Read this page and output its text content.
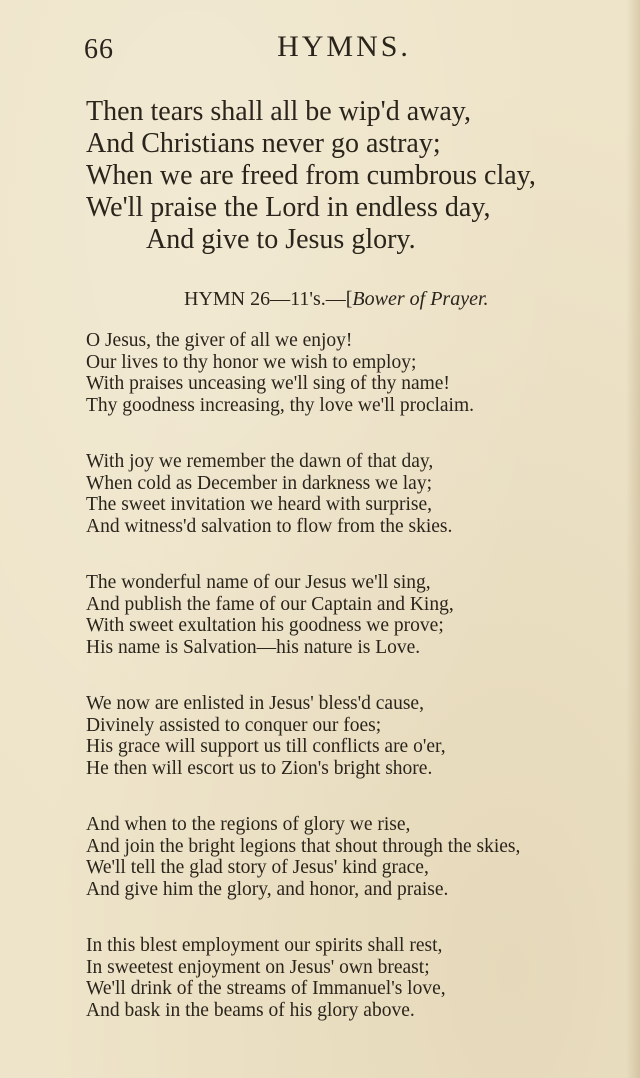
66	HYMNS.
Then tears shall all be wip'd away,
And Christians never go astray;
When we are freed from cumbrous clay,
We'll praise the Lord in endless day,
And give to Jesus glory.
HYMN 26—11's.—[Bower of Prayer.
O Jesus, the giver of all we enjoy!
Our lives to thy honor we wish to employ;
With praises unceasing we'll sing of thy name!
Thy goodness increasing, thy love we'll proclaim.
With joy we remember the dawn of that day,
When cold as December in darkness we lay;
The sweet invitation we heard with surprise,
And witness'd salvation to flow from the skies.
The wonderful name of our Jesus we'll sing,
And publish the fame of our Captain and King,
With sweet exultation his goodness we prove;
His name is Salvation—his nature is Love.
We now are enlisted in Jesus' bless'd cause,
Divinely assisted to conquer our foes;
His grace will support us till conflicts are o'er,
He then will escort us to Zion's bright shore.
And when to the regions of glory we rise,
And join the bright legions that shout through the skies,
We'll tell the glad story of Jesus' kind grace,
And give him the glory, and honor, and praise.
In this blest employment our spirits shall rest,
In sweetest enjoyment on Jesus' own breast;
We'll drink of the streams of Immanuel's love,
And bask in the beams of his glory above.
